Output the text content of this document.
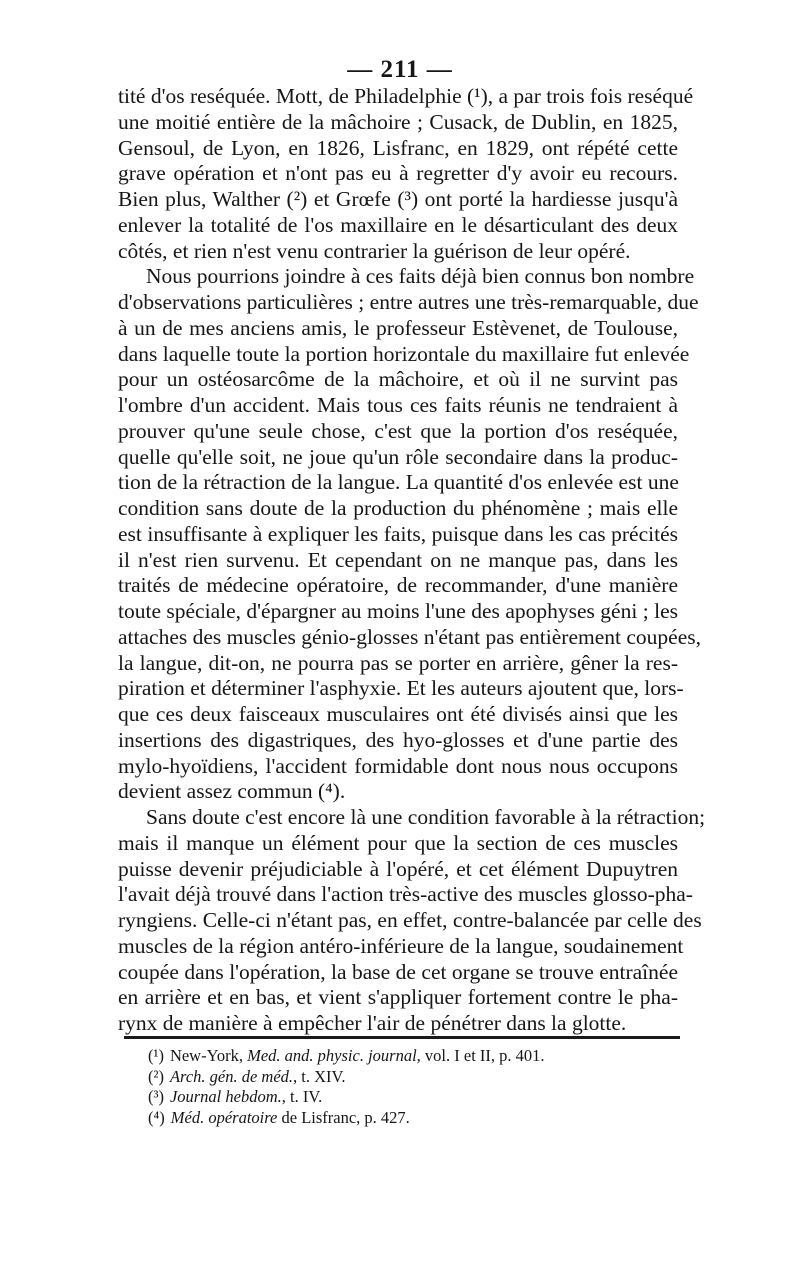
— 211 —
tité d'os reséquée. Mott, de Philadelphie (¹), a par trois fois reséqué
une moitié entière de la mâchoire ; Cusack, de Dublin, en 1825,
Gensoul, de Lyon, en 1826, Lisfranc, en 1829, ont répété cette
grave opération et n'ont pas eu à regretter d'y avoir eu recours.
Bien plus, Walther (²) et Grœfe (³) ont porté la hardiesse jusqu'à
enlever la totalité de l'os maxillaire en le désarticulant des deux
côtés, et rien n'est venu contrarier la guérison de leur opéré.
Nous pourrions joindre à ces faits déjà bien connus bon nombre
d'observations particulières ; entre autres une très-remarquable, due
à un de mes anciens amis, le professeur Estèvenet, de Toulouse,
dans laquelle toute la portion horizontale du maxillaire fut enlevée
pour un ostéosarcôme de la mâchoire, et où il ne survint pas
l'ombre d'un accident. Mais tous ces faits réunis ne tendraient à
prouver qu'une seule chose, c'est que la portion d'os reséquée,
quelle qu'elle soit, ne joue qu'un rôle secondaire dans la produc-
tion de la rétraction de la langue. La quantité d'os enlevée est une
condition sans doute de la production du phénomène ; mais elle
est insuffisante à expliquer les faits, puisque dans les cas précités
il n'est rien survenu. Et cependant on ne manque pas, dans les
traités de médecine opératoire, de recommander, d'une manière
toute spéciale, d'épargner au moins l'une des apophyses géni ; les
attaches des muscles génio-glosses n'étant pas entièrement coupées,
la langue, dit-on, ne pourra pas se porter en arrière, gêner la res-
piration et déterminer l'asphyxie. Et les auteurs ajoutent que, lors-
que ces deux faisceaux musculaires ont été divisés ainsi que les
insertions des digastriques, des hyo-glosses et d'une partie des
mylo-hyoïdiens, l'accident formidable dont nous nous occupons
devient assez commun (⁴).
Sans doute c'est encore là une condition favorable à la rétraction;
mais il manque un élément pour que la section de ces muscles
puisse devenir préjudiciable à l'opéré, et cet élément Dupuytren
l'avait déjà trouvé dans l'action très-active des muscles glosso-pha-
ryngiens. Celle-ci n'étant pas, en effet, contre-balancée par celle des
muscles de la région antéro-inférieure de la langue, soudainement
coupée dans l'opération, la base de cet organe se trouve entraînée
en arrière et en bas, et vient s'appliquer fortement contre le pha-
rynx de manière à empêcher l'air de pénétrer dans la glotte.
(¹) New-York, Med. and. physic. journal, vol. I et II, p. 401.
(²) Arch. gén. de méd., t. XIV.
(³) Journal hebdom., t. IV.
(⁴) Méd. opératoire de Lisfranc, p. 427.
